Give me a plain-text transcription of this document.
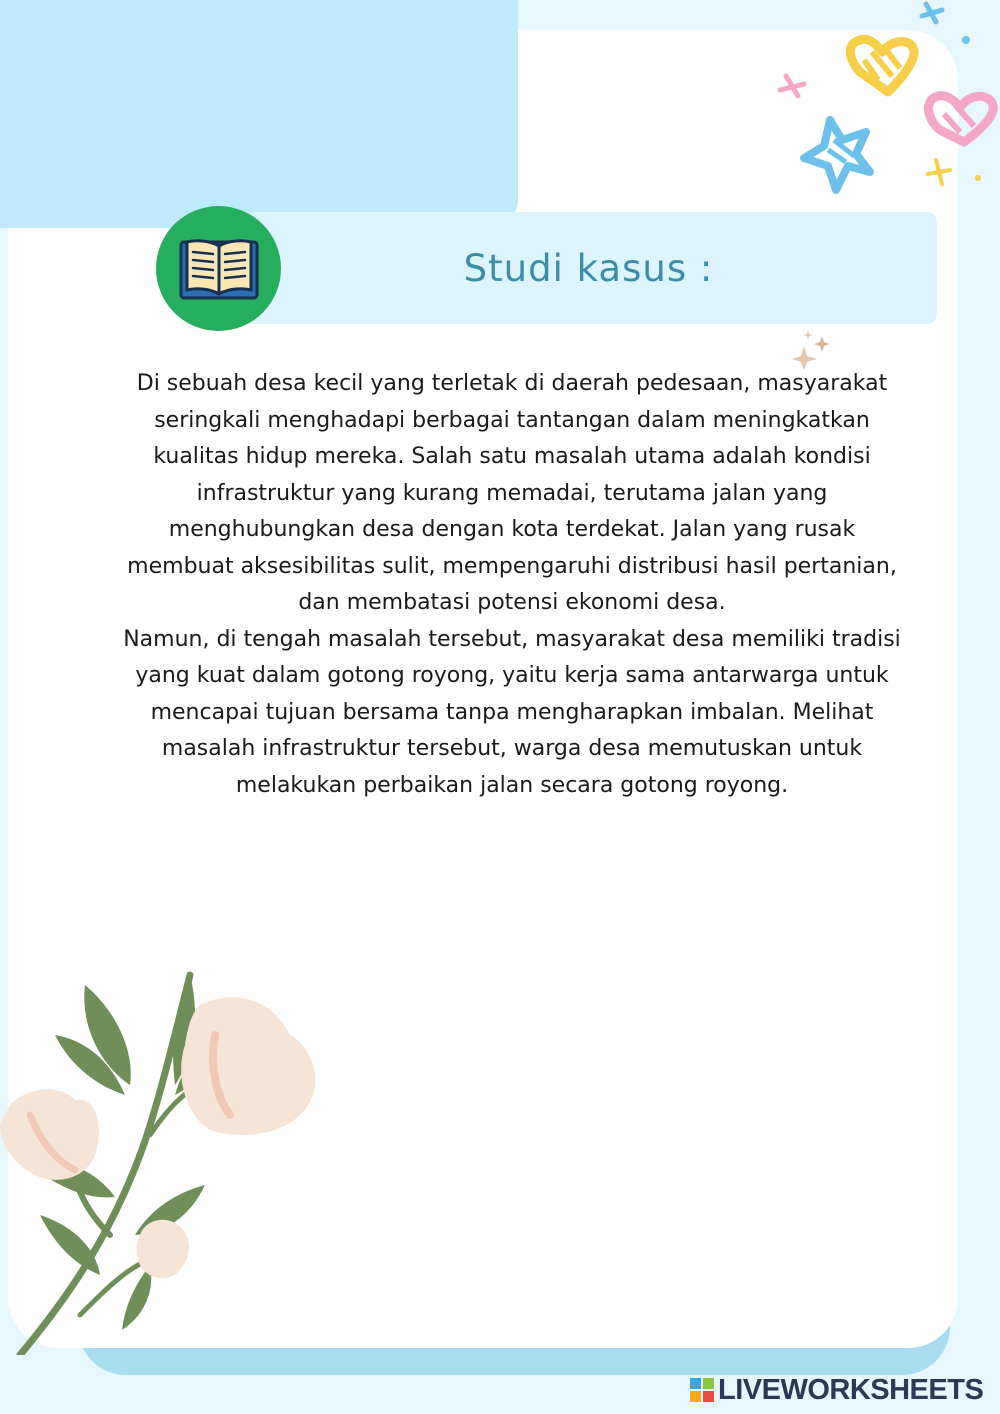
Studi kasus :

Di sebuah desa kecil yang terletak di daerah pedesaan, masyarakat seringkali menghadapi berbagai tantangan dalam meningkatkan kualitas hidup mereka. Salah satu masalah utama adalah kondisi infrastruktur yang kurang memadai, terutama jalan yang menghubungkan desa dengan kota terdekat. Jalan yang rusak membuat aksesibilitas sulit, mempengaruhi distribusi hasil pertanian, dan membatasi potensi ekonomi desa.

Namun, di tengah masalah tersebut, masyarakat desa memiliki tradisi yang kuat dalam gotong royong, yaitu kerja sama antarwarga untuk mencapai tujuan bersama tanpa mengharapkan imbalan. Melihat masalah infrastruktur tersebut, warga desa memutuskan untuk melakukan perbaikan jalan secara gotong royong.

LIVEWORKSHEETS
